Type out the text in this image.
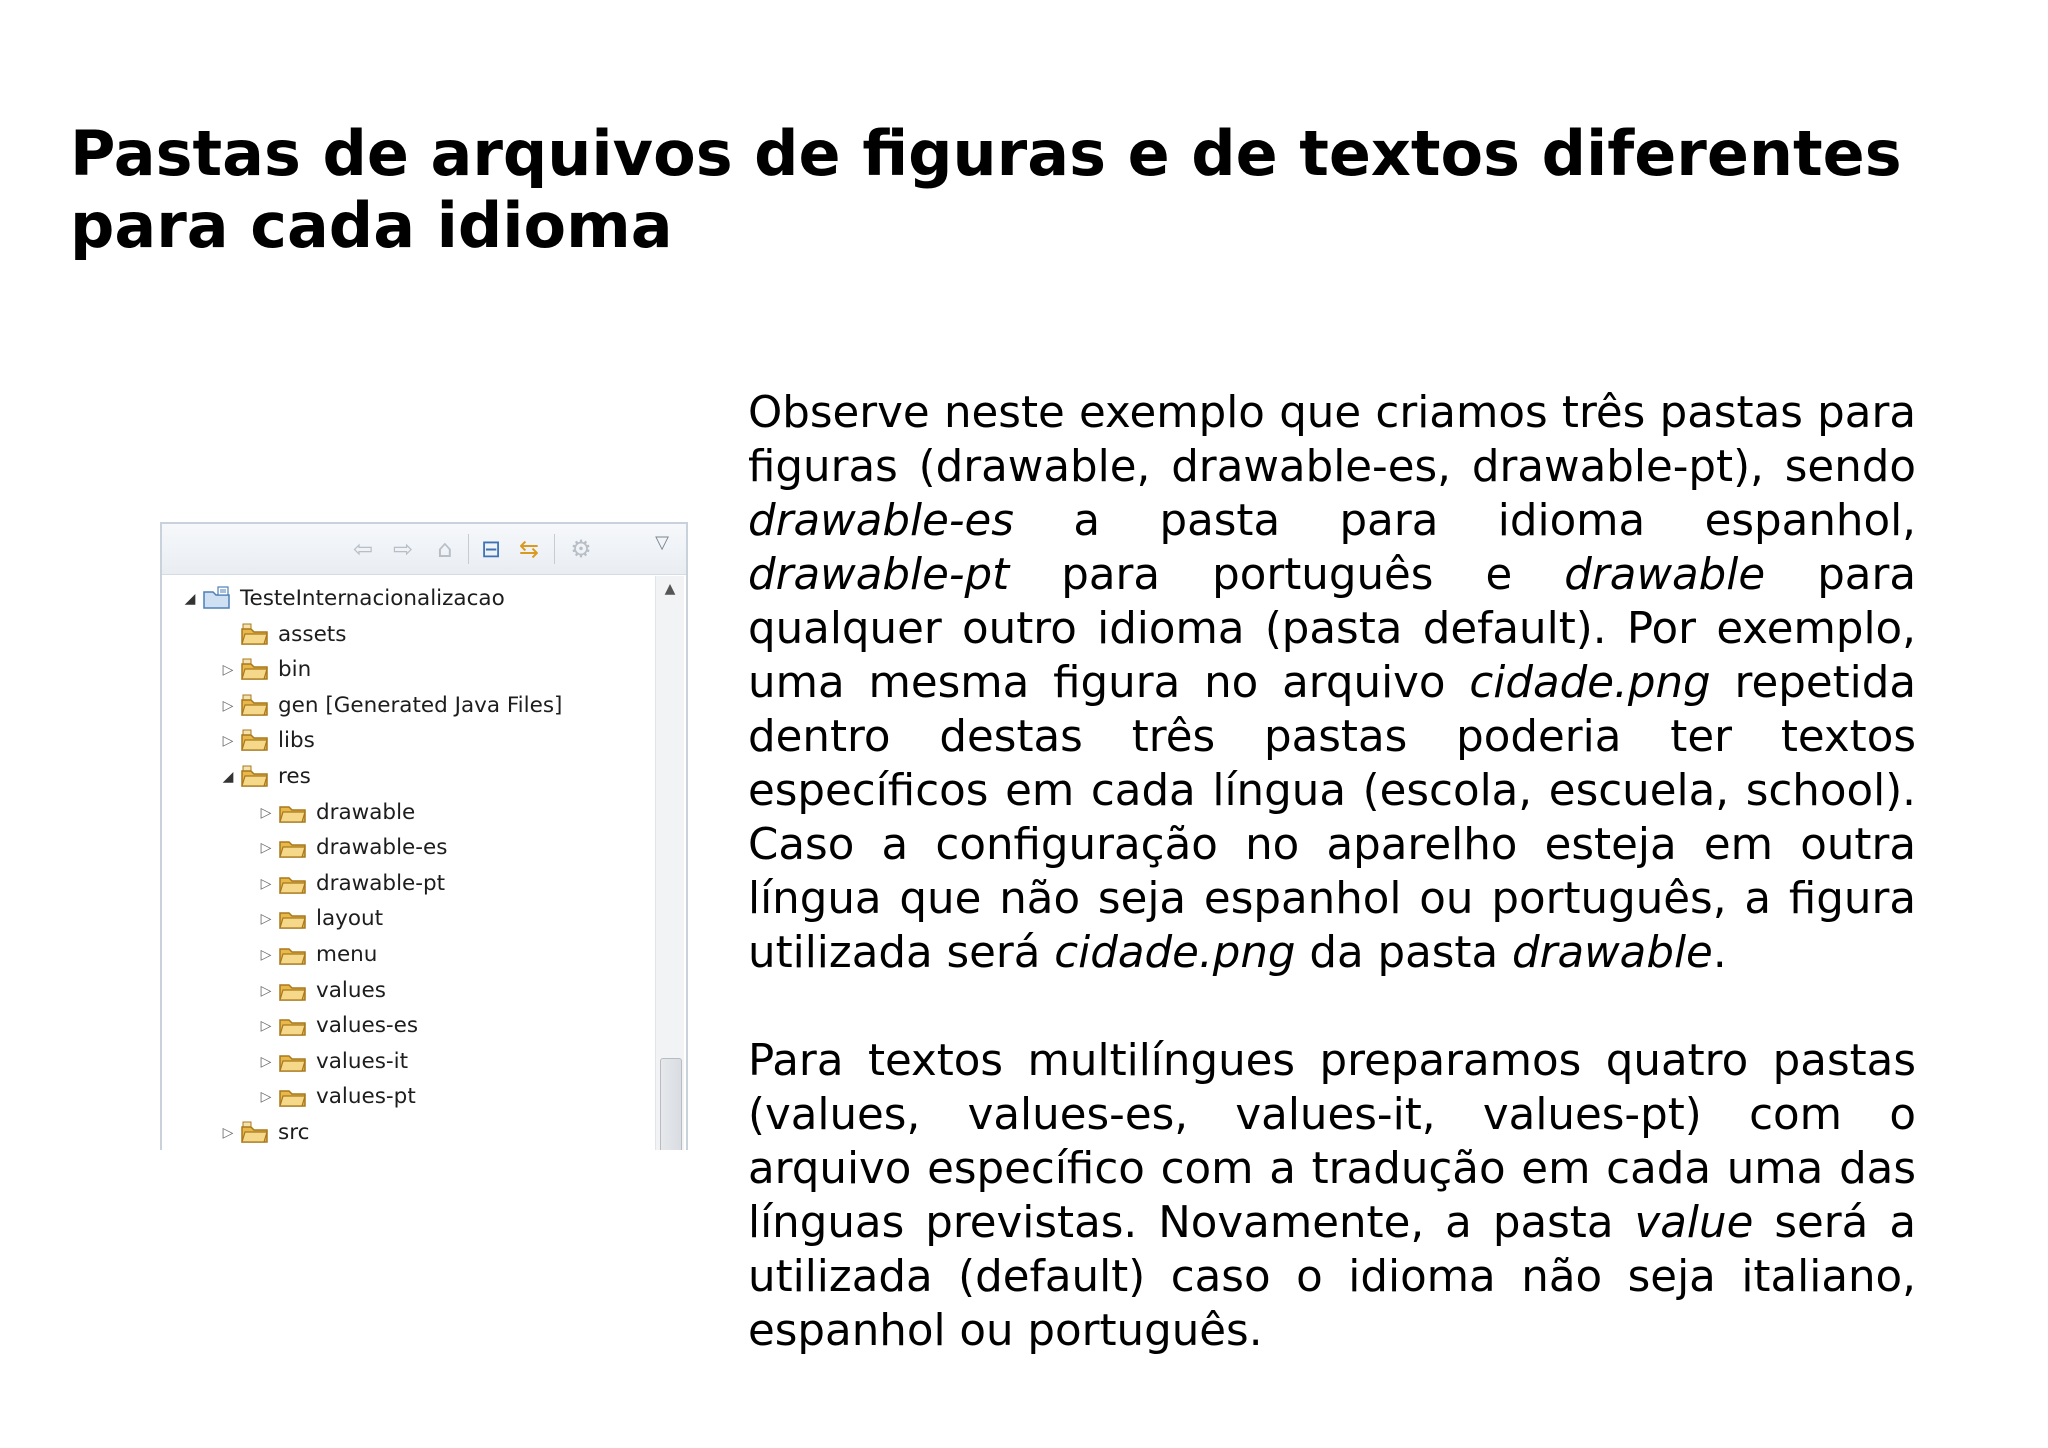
Pastas de arquivos de figuras e de textos diferentes para cada idioma

Observe neste exemplo que criamos três pastas para figuras (drawable, drawable-es, drawable-pt), sendo drawable-es a pasta para idioma espanhol, drawable-pt para português e drawable para qualquer outro idioma (pasta default). Por exemplo, uma mesma figura no arquivo cidade.png repetida dentro destas três pastas poderia ter textos específicos em cada língua (escola, escuela, school). Caso a configuração no aparelho esteja em outra língua que não seja espanhol ou português, a figura utilizada será cidade.png da pasta drawable.

Para textos multilíngues preparamos quatro pastas (values, values-es, values-it, values-pt) com o arquivo específico com a tradução em cada uma das línguas previstas. Novamente, a pasta value será a utilizada (default) caso o idioma não seja italiano, espanhol ou português.

⇦ ⇨	⌂	⊟ ⇆ ⚙	▽
◢ TesteInternacionalizacao
assets
▷ bin
▷ gen [Generated Java Files]
▷ libs
◢ res
▷ drawable
▷ drawable-es
▷ drawable-pt
▷ layout
▷ menu
▷ values
▷ values-es
▷ values-it
▷ values-pt
▷ src
▲
